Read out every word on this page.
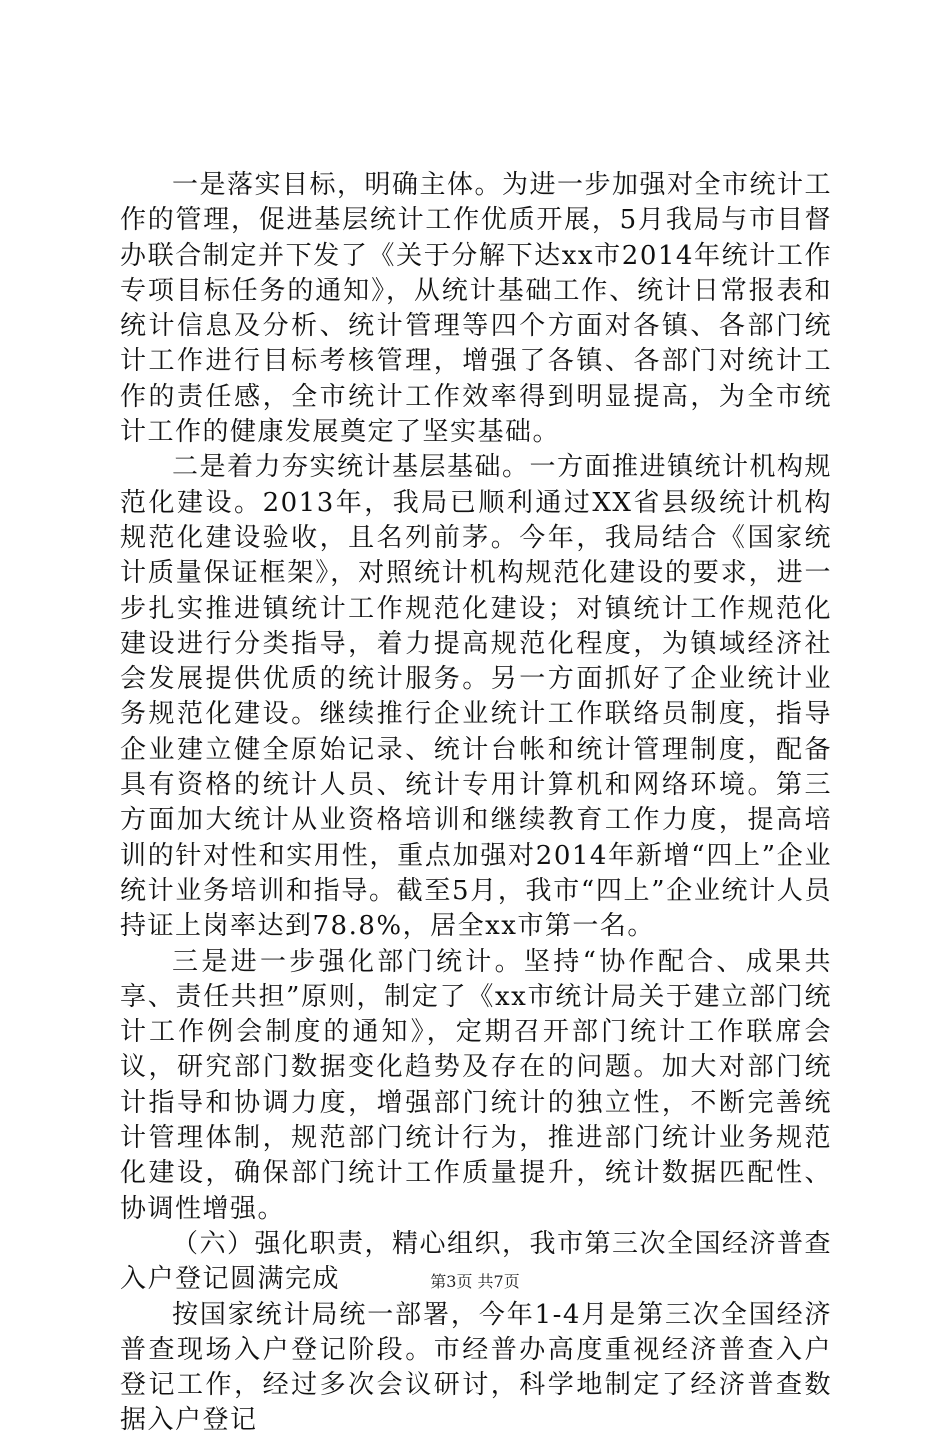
一是落实目标，明确主体。为进一步加强对全市统计工作的管理，促进基层统计工作优质开展，5月我局与市目督办联合制定并下发了《关于分解下达xx市2014年统计工作专项目标任务的通知》，从统计基础工作、统计日常报表和统计信息及分析、统计管理等四个方面对各镇、各部门统计工作进行目标考核管理，增强了各镇、各部门对统计工作的责任感，全市统计工作效率得到明显提高，为全市统计工作的健康发展奠定了坚实基础。

二是着力夯实统计基层基础。一方面推进镇统计机构规范化建设。2013年，我局已顺利通过XX省县级统计机构规范化建设验收，且名列前茅。今年，我局结合《国家统计质量保证框架》，对照统计机构规范化建设的要求，进一步扎实推进镇统计工作规范化建设；对镇统计工作规范化建设进行分类指导，着力提高规范化程度，为镇域经济社会发展提供优质的统计服务。另一方面抓好了企业统计业务规范化建设。继续推行企业统计工作联络员制度，指导企业建立健全原始记录、统计台帐和统计管理制度，配备具有资格的统计人员、统计专用计算机和网络环境。第三方面加大统计从业资格培训和继续教育工作力度，提高培训的针对性和实用性，重点加强对2014年新增“四上”企业统计业务培训和指导。截至5月，我市“四上”企业统计人员持证上岗率达到78.8%，居全xx市第一名。

三是进一步强化部门统计。坚持“协作配合、成果共享、责任共担”原则，制定了《xx市统计局关于建立部门统计工作例会制度的通知》，定期召开部门统计工作联席会议，研究部门数据变化趋势及存在的问题。加大对部门统计指导和协调力度，增强部门统计的独立性，不断完善统计管理体制，规范部门统计行为，推进部门统计业务规范化建设，确保部门统计工作质量提升，统计数据匹配性、协调性增强。

（六）强化职责，精心组织，我市第三次全国经济普查入户登记圆满完成

按国家统计局统一部署，今年1-4月是第三次全国经济普查现场入户登记阶段。市经普办高度重视经济普查入户登记工作，经过多次会议研讨，科学地制定了经济普查数据入户登记

第3页 共7页
